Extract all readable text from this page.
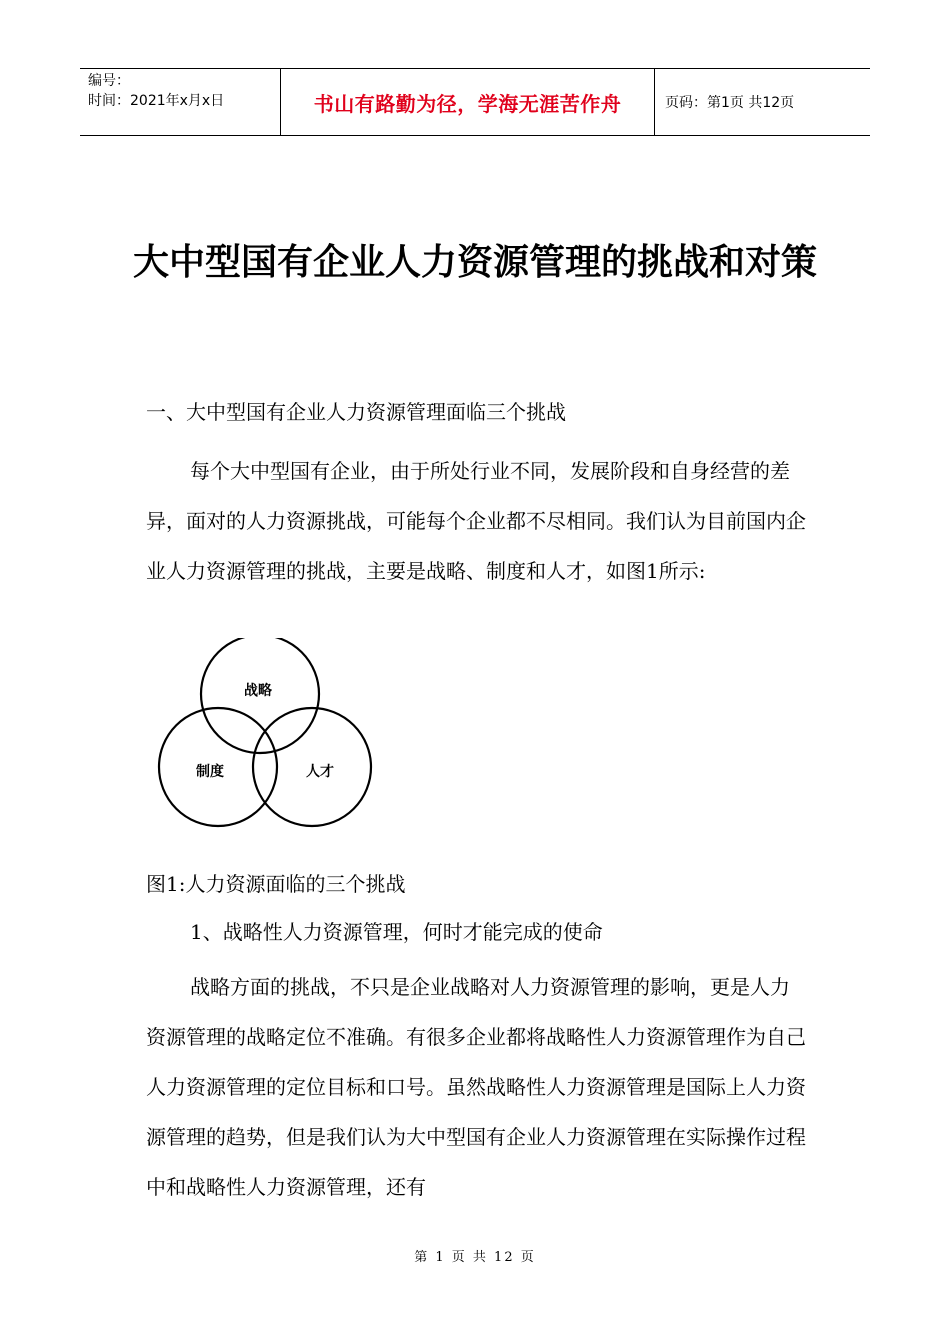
编号：
时间：2021年x月x日	书山有路勤为径，学海无涯苦作舟	页码：第1页 共12页
大中型国有企业人力资源管理的挑战和对策
一、大中型国有企业人力资源管理面临三个挑战
每个大中型国有企业，由于所处行业不同，发展阶段和自身经营的差异，面对的人力资源挑战，可能每个企业都不尽相同。我们认为目前国内企业人力资源管理的挑战，主要是战略、制度和人才，如图1所示:
战略
制度	人才
图1:人力资源面临的三个挑战
1、战略性人力资源管理，何时才能完成的使命
战略方面的挑战，不只是企业战略对人力资源管理的影响，更是人力资源管理的战略定位不准确。有很多企业都将战略性人力资源管理作为自己人力资源管理的定位目标和口号。虽然战略性人力资源管理是国际上人力资源管理的趋势，但是我们认为大中型国有企业人力资源管理在实际操作过程中和战略性人力资源管理，还有
第 1 页 共 12 页
